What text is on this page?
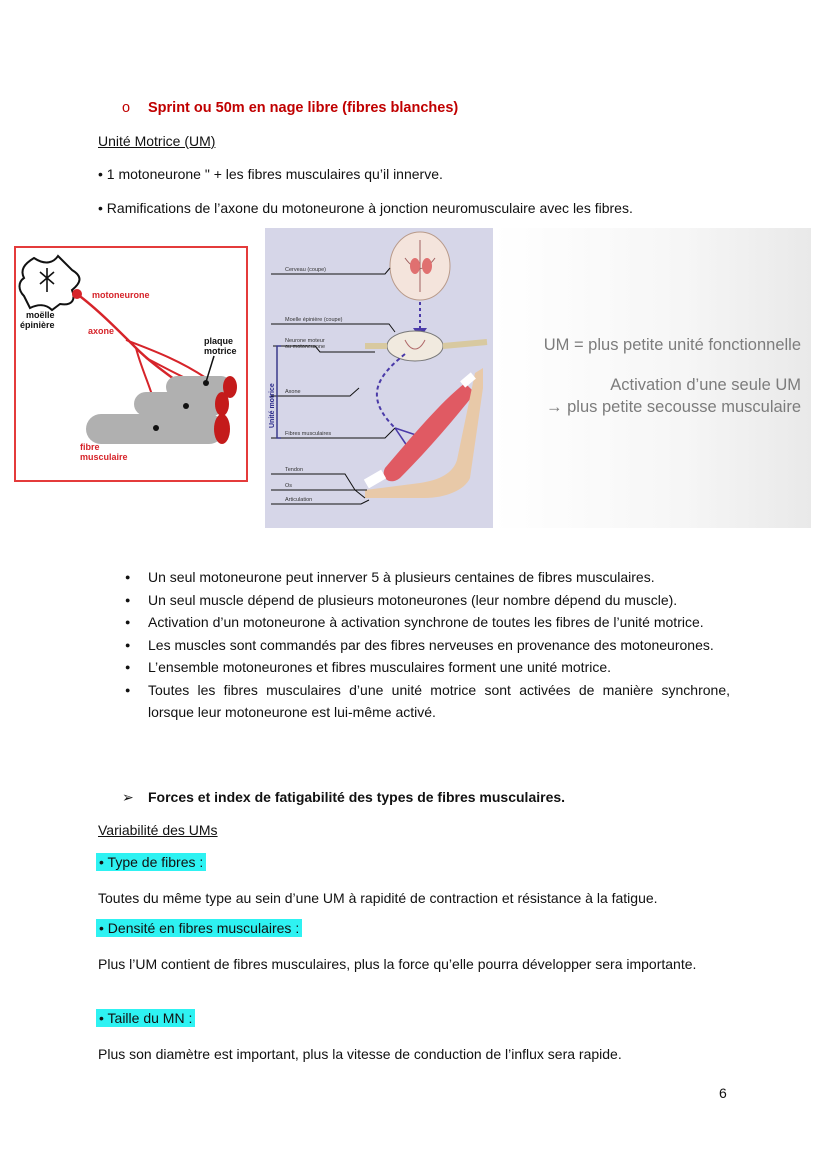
o Sprint ou 50m en nage libre (fibres blanches)
Unité Motrice (UM)
• 1 motoneurone " + les fibres musculaires qu’il innerve.
• Ramifications de l’axone du motoneurone à jonction neuromusculaire avec les fibres.
motoneurone
moëlle
épinière
axone
plaque
motrice
fibre
musculaire
Cerveau (coupe)
Moelle épinière (coupe)
Neurone moteur
ou motoneurone
Axone
Fibres musculaires
Tendon
Os
Articulation
Unité motrice
UM = plus petite unité fonctionnelle
Activation d’une seule UM
→ plus petite secousse musculaire
● Un seul motoneurone peut innerver 5 à plusieurs centaines de fibres musculaires.
● Un seul muscle dépend de plusieurs motoneurones (leur nombre dépend du muscle).
● Activation d’un motoneurone à activation synchrone de toutes les fibres de l’unité motrice.
● Les muscles sont commandés par des fibres nerveuses en provenance des motoneurones.
● L’ensemble motoneurones et fibres musculaires forment une unité motrice.
● Toutes les fibres musculaires d’une unité motrice sont activées de manière synchrone, lorsque leur motoneurone est lui-même activé.
➢ Forces et index de fatigabilité des types de fibres musculaires.
Variabilité des UMs
• Type de fibres :
Toutes du même type au sein d’une UM à rapidité de contraction et résistance à la fatigue.
• Densité en fibres musculaires :
Plus l’UM contient de fibres musculaires, plus la force qu’elle pourra développer sera importante.
• Taille du MN :
Plus son diamètre est important, plus la vitesse de conduction de l’influx sera rapide.
6
